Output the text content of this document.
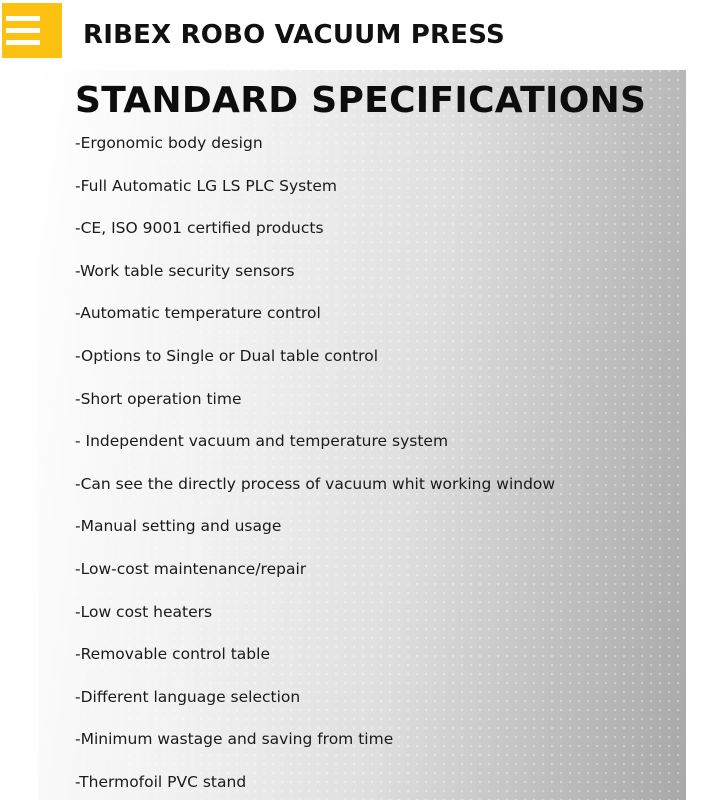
RIBEX ROBO VACUUM PRESS
STANDARD SPECIFICATIONS
-Ergonomic body design
-Full Automatic LG LS PLC System
-CE, ISO 9001 certified products
-Work table security sensors
-Automatic temperature control
-Options to Single or Dual table control
-Short operation time
- Independent vacuum and temperature system
-Can see the directly process of vacuum whit working window
-Manual setting and usage
-Low-cost maintenance/repair
-Low cost heaters
-Removable control table
-Different language selection
-Minimum wastage and saving from time
-Thermofoil PVC stand
